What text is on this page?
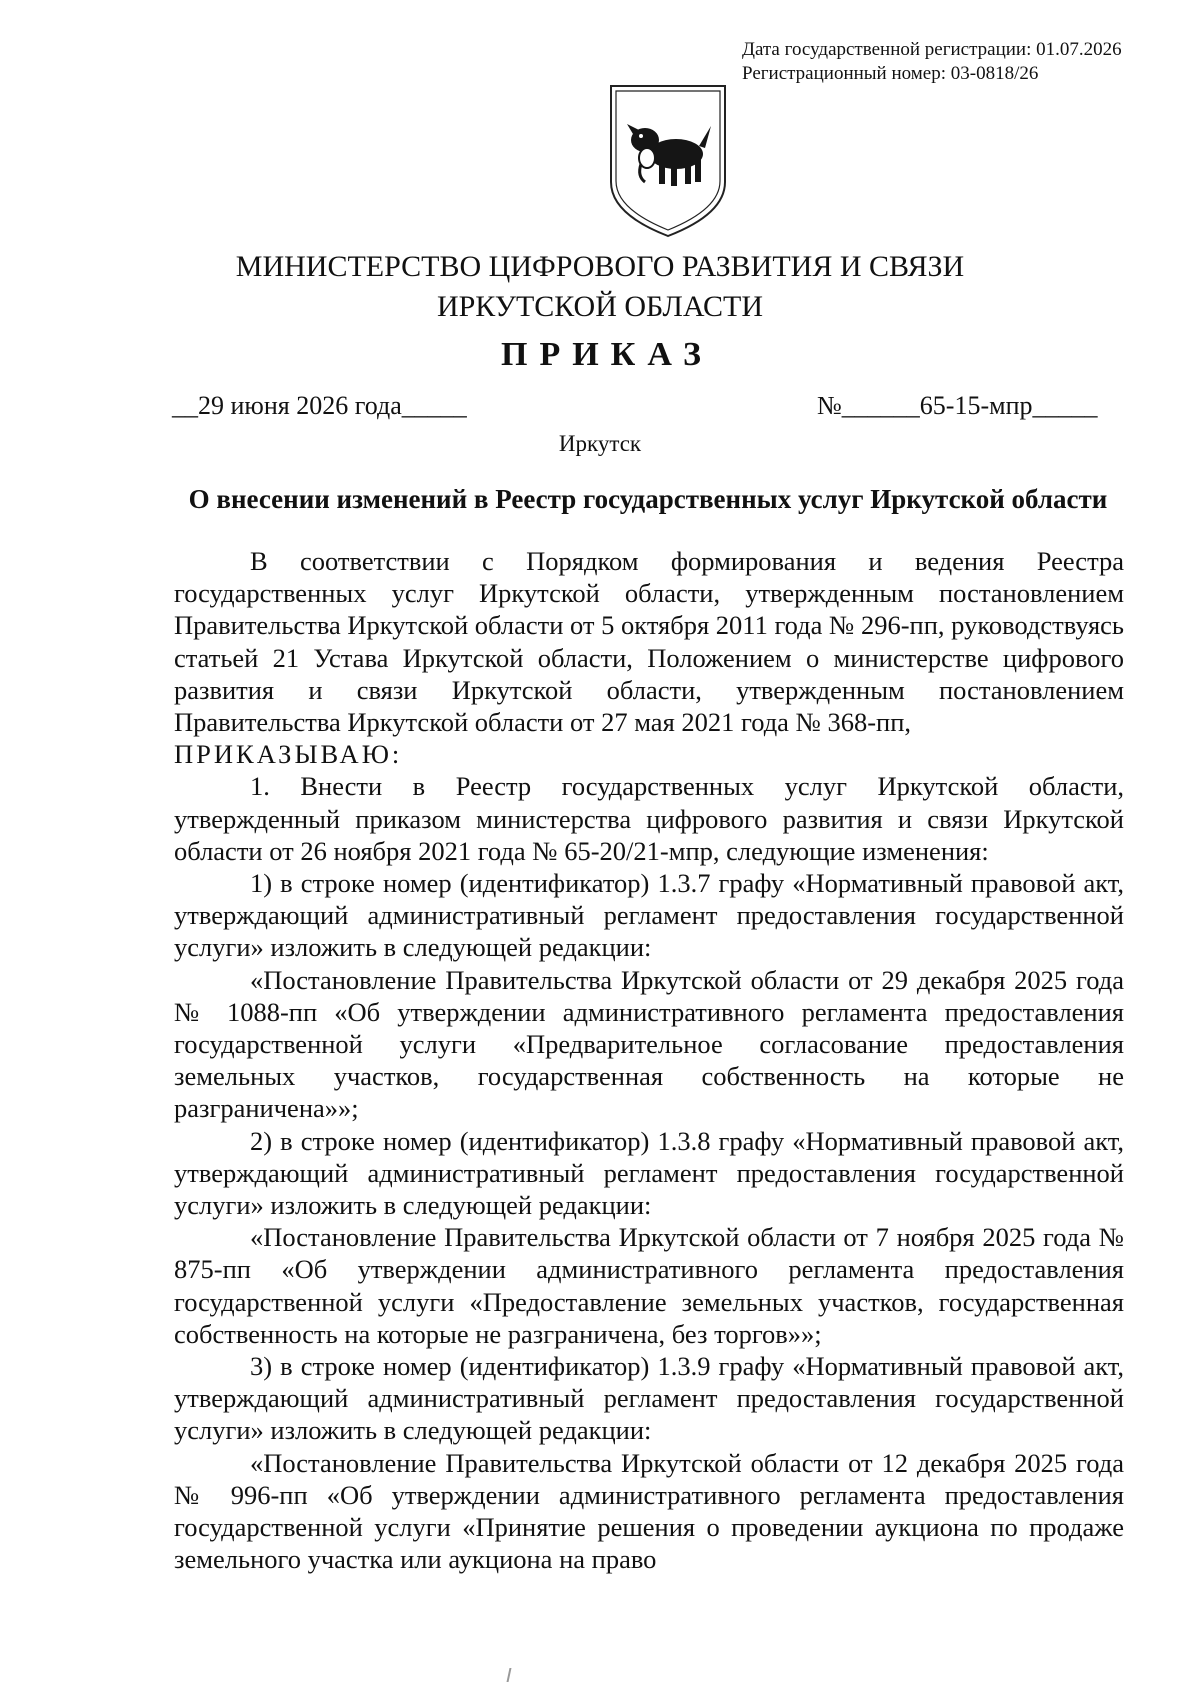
Дата государственной регистрации: 01.07.2026
Регистрационный номер: 03-0818/26
МИНИСТЕРСТВО ЦИФРОВОГО РАЗВИТИЯ И СВЯЗИ
ИРКУТСКОЙ ОБЛАСТИ
ПРИКАЗ
__29 июня 2026 года_____	№______65-15-мпр_____
Иркутск
О внесении изменений в Реестр государственных услуг Иркутской области

В соответствии с Порядком формирования и ведения Реестра государственных услуг Иркутской области, утвержденным постановлением Правительства Иркутской области от 5 октября 2011 года № 296-пп, руководствуясь статьей 21 Устава Иркутской области, Положением о министерстве цифрового развития и связи Иркутской области, утвержденным постановлением Правительства Иркутской области от 27 мая 2021 года № 368-пп,

ПРИКАЗЫВАЮ:

1. Внести в Реестр государственных услуг Иркутской области, утвержденный приказом министерства цифрового развития и связи Иркутской области от 26 ноября 2021 года № 65-20/21-мпр, следующие изменения:

1) в строке номер (идентификатор) 1.3.7 графу «Нормативный правовой акт, утверждающий административный регламент предоставления государственной услуги» изложить в следующей редакции:

«Постановление Правительства Иркутской области от 29 декабря 2025 года № 1088-пп «Об утверждении административного регламента предоставления государственной услуги «Предварительное согласование предоставления земельных участков, государственная собственность на которые не разграничена»»;

2) в строке номер (идентификатор) 1.3.8 графу «Нормативный правовой акт, утверждающий административный регламент предоставления государственной услуги» изложить в следующей редакции:

«Постановление Правительства Иркутской области от 7 ноября 2025 года № 875-пп «Об утверждении административного регламента предоставления государственной услуги «Предоставление земельных участков, государственная собственность на которые не разграничена, без торгов»»;

3) в строке номер (идентификатор) 1.3.9 графу «Нормативный правовой акт, утверждающий административный регламент предоставления государственной услуги» изложить в следующей редакции:

«Постановление Правительства Иркутской области от 12 декабря 2025 года № 996-пп «Об утверждении административного регламента предоставления государственной услуги «Принятие решения о проведении аукциона по продаже земельного участка или аукциона на право
